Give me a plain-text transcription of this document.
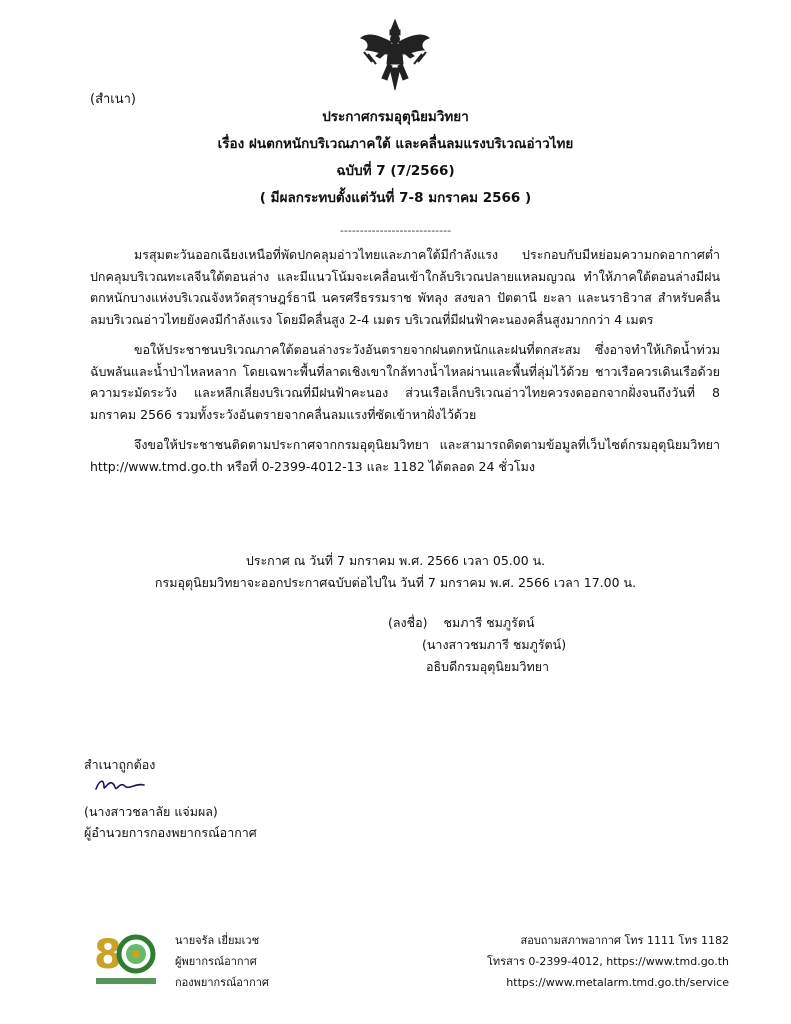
(สำเนา)
ประกาศกรมอุตุนิยมวิทยา
เรื่อง ฝนตกหนักบริเวณภาคใต้ และคลื่นลมแรงบริเวณอ่าวไทย
ฉบับที่ 7 (7/2566)
( มีผลกระทบตั้งแต่วันที่ 7-8 มกราคม 2566 )
----------------------------

มรสุมตะวันออกเฉียงเหนือที่พัดปกคลุมอ่าวไทยและภาคใต้มีกำลังแรง ประกอบกับมีหย่อมความกดอากาศต่ำปกคลุมบริเวณทะเลจีนใต้ตอนล่าง และมีแนวโน้มจะเคลื่อนเข้าใกล้บริเวณปลายแหลมญวณ ทำให้ภาคใต้ตอนล่างมีฝนตกหนักบางแห่งบริเวณจังหวัดสุราษฎร์ธานี นครศรีธรรมราช พัทลุง สงขลา ปัตตานี ยะลา และนราธิวาส สำหรับคลื่นลมบริเวณอ่าวไทยยังคงมีกำลังแรง โดยมีคลื่นสูง 2-4 เมตร บริเวณที่มีฝนฟ้าคะนองคลื่นสูงมากกว่า 4 เมตร

ขอให้ประชาชนบริเวณภาคใต้ตอนล่างระวังอันตรายจากฝนตกหนักและฝนที่ตกสะสม ซึ่งอาจทำให้เกิดน้ำท่วมฉับพลันและน้ำป่าไหลหลาก โดยเฉพาะพื้นที่ลาดเชิงเขาใกล้ทางน้ำไหลผ่านและพื้นที่ลุ่มไว้ด้วย ชาวเรือควรเดินเรือด้วยความระมัดระวัง และหลีกเลี่ยงบริเวณที่มีฝนฟ้าคะนอง ส่วนเรือเล็กบริเวณอ่าวไทยควรงดออกจากฝั่งจนถึงวันที่ 8 มกราคม 2566 รวมทั้งระวังอันตรายจากคลื่นลมแรงที่ซัดเข้าหาฝั่งไว้ด้วย

จึงขอให้ประชาชนติดตามประกาศจากกรมอุตุนิยมวิทยา และสามารถติดตามข้อมูลที่เว็บไซต์กรมอุตุนิยมวิทยา http://www.tmd.go.th หรือที่ 0-2399-4012-13 และ 1182 ได้ตลอด 24 ชั่วโมง

ประกาศ ณ วันที่ 7 มกราคม พ.ศ. 2566 เวลา 05.00 น.
กรมอุตุนิยมวิทยาจะออกประกาศฉบับต่อไปใน วันที่ 7 มกราคม พ.ศ. 2566 เวลา 17.00 น.
(ลงชื่อ) ชมภารี ชมภูรัตน์
(นางสาวชมภารี ชมภูรัตน์)
อธิบดีกรมอุตุนิยมวิทยา
สำเนาถูกต้อง
(นางสาวชลาลัย แจ่มผล)
ผู้อำนวยการกองพยากรณ์อากาศ
8	นายจรัล เยี่ยมเวช
ผู้พยากรณ์อากาศ
กองพยากรณ์อากาศ
สอบถามสภาพอากาศ โทร 1111 โทร 1182
โทรสาร 0-2399-4012, https://www.tmd.go.th
https://www.metalarm.tmd.go.th/service
